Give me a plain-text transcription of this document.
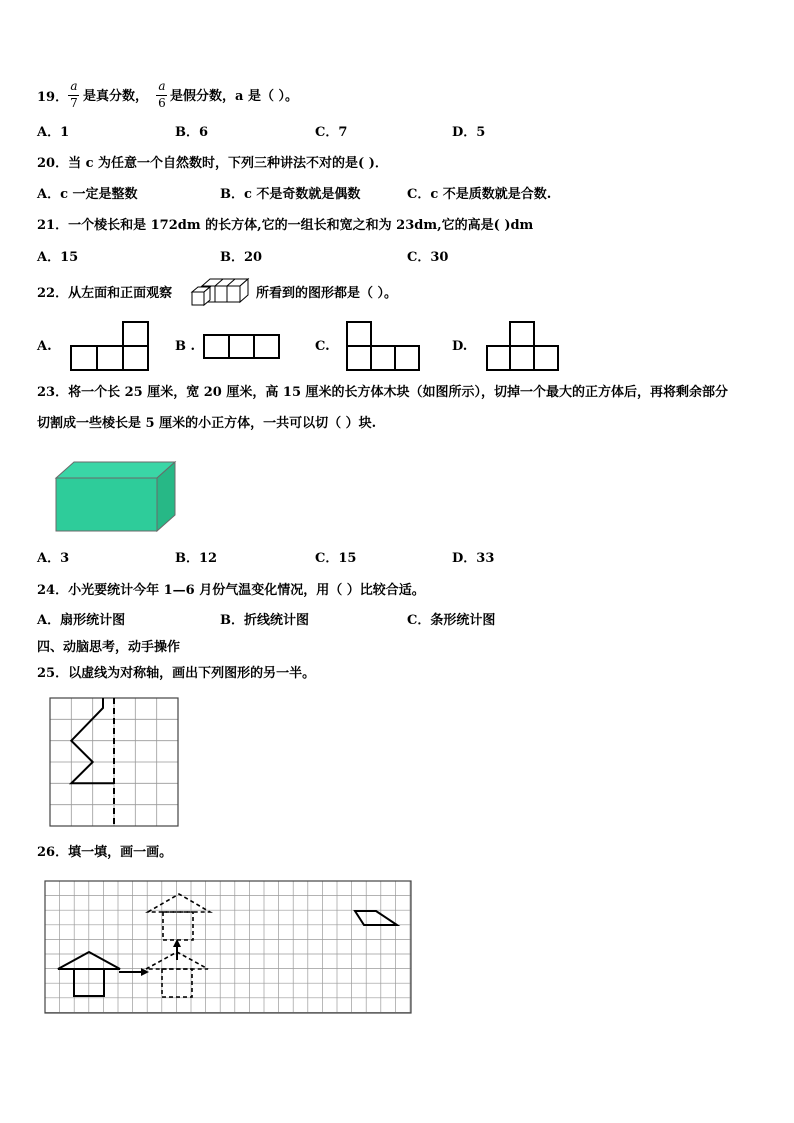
19．
a
7 是真分数，
a
6 是假分数，a 是（ ）。
A．1	B．6	C．7	D．5
20．当 c 为任意一个自然数时，下列三种讲法不对的是( )．
A．c 一定是整数	B．c 不是奇数就是偶数	C．c 不是质数就是合数.
21．一个棱长和是 172dm 的长方体,它的一组长和宽之和为 23dm,它的高是( )dm
A．15	B．20	C．30
22．从左面和正面观察	所看到的图形都是（ ）。
A.	B .	C.	D.
23．将一个长 25 厘米，宽 20 厘米，高 15 厘米的长方体木块（如图所示），切掉一个最大的正方体后，再将剩余部分
切割成一些棱长是 5 厘米的小正方体，一共可以切（ ）块.
A．3	B．12	C．15	D．33
24．小光要统计今年 1—6 月份气温变化情况，用（ ）比较合适。
A．扇形统计图	B．折线统计图	C．条形统计图
四、动脑思考，动手操作
25．以虚线为对称轴，画出下列图形的另一半。
26．填一填，画一画。
